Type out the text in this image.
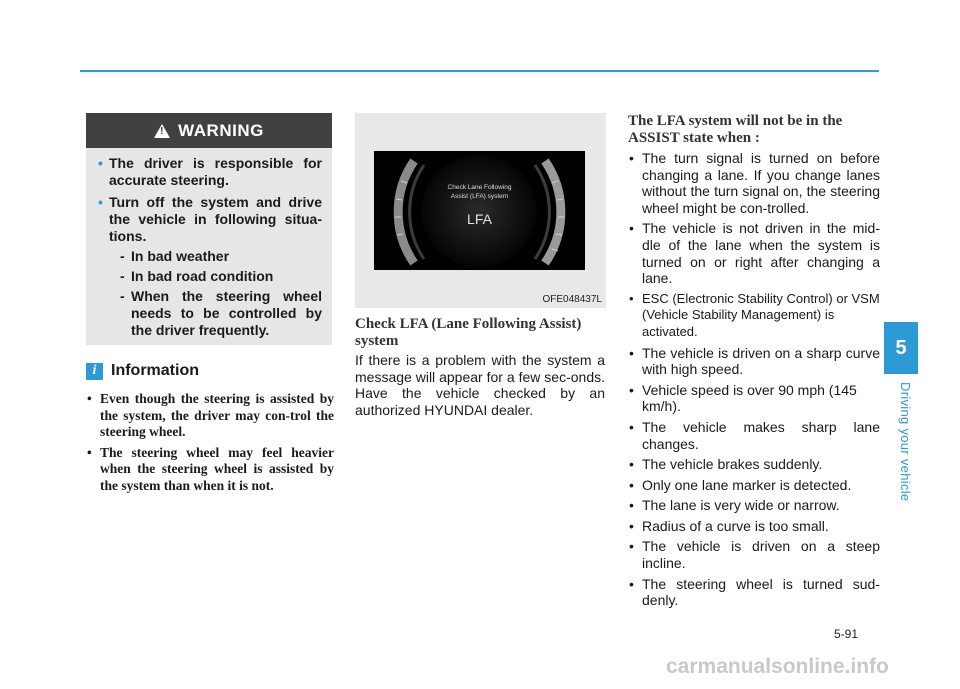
5
Driving your vehicle
!
WARNING
• The driver is responsible for accurate steering.
• Turn off the system and drive the vehicle in following situa-tions.
- In bad weather
- In bad road condition
- When the steering wheel needs to be controlled by the driver frequently.
i Information
• Even though the steering is assisted by the system, the driver may con-trol the steering wheel.
• The steering wheel may feel heavier when the steering wheel is assisted by the system than when it is not.
Check Lane Following
Assist (LFA) system
LFA
OFE048437L
Check LFA (Lane Following Assist) system
If there is a problem with the system a message will appear for a few sec-onds. Have the vehicle checked by an authorized HYUNDAI dealer.
The LFA system will not be in the ASSIST state when :
• The turn signal is turned on before changing a lane. If you change lanes without the turn signal on, the steering wheel might be con-trolled.
• The vehicle is not driven in the mid-dle of the lane when the system is turned on or right after changing a lane.
• ESC (Electronic Stability Control) or VSM (Vehicle Stability Management) is activated.
• The vehicle is driven on a sharp curve with high speed.
• Vehicle speed is over 90 mph (145 km/h).
• The vehicle makes sharp lane changes.
• The vehicle brakes suddenly.
• Only one lane marker is detected.
• The lane is very wide or narrow.
• Radius of a curve is too small.
• The vehicle is driven on a steep incline.
• The steering wheel is turned sud-denly.
5-91
carmanualsonline.info
